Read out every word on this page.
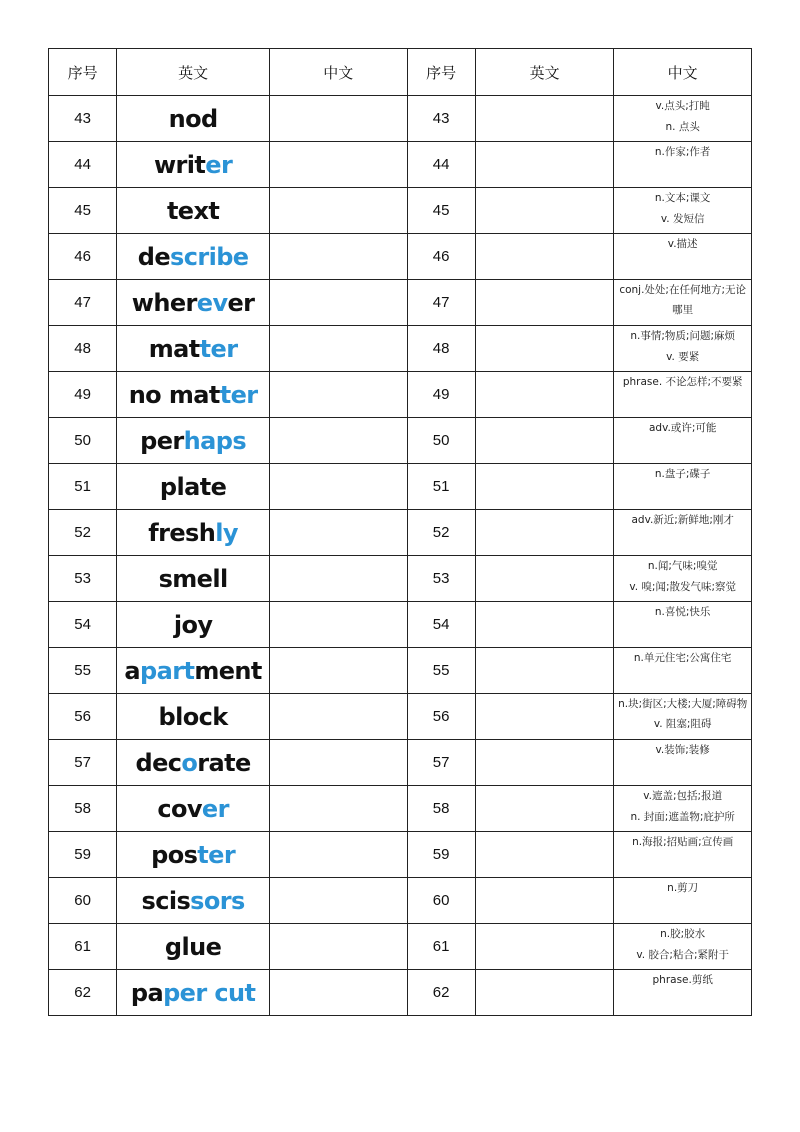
序号	英文	中文	序号	英文	中文
43	nod		43		v.点头;打盹
n. 点头

44	writer		44		n.作家;作者

45	text		45		n.文本;课文
v. 发短信

46	describe		46		v.描述

47	wherever		47		conj.处处;在任何地方;无论哪里

48	matter		48		n.事情;物质;问题;麻烦
v. 要紧

49	no matter		49		phrase. 不论怎样;不要紧

50	perhaps		50		adv.或许;可能

51	plate		51		n.盘子;碟子

52	freshly		52		adv.新近;新鲜地;刚才

53	smell		53		n.闻;气味;嗅觉
v. 嗅;闻;散发气味;察觉

54	joy		54		n.喜悦;快乐

55	apartment		55		n.单元住宅;公寓住宅

56	block		56		n.块;街区;大楼;大厦;障碍物
v. 阻塞;阻碍

57	decorate		57		v.装饰;装修

58	cover		58		v.遮盖;包括;报道
n. 封面;遮盖物;庇护所

59	poster		59		n.海报;招贴画;宣传画

60	scissors		60		n.剪刀

61	glue		61		n.胶;胶水
v. 胶合;粘合;紧附于

62	paper cut		62		phrase.剪纸
